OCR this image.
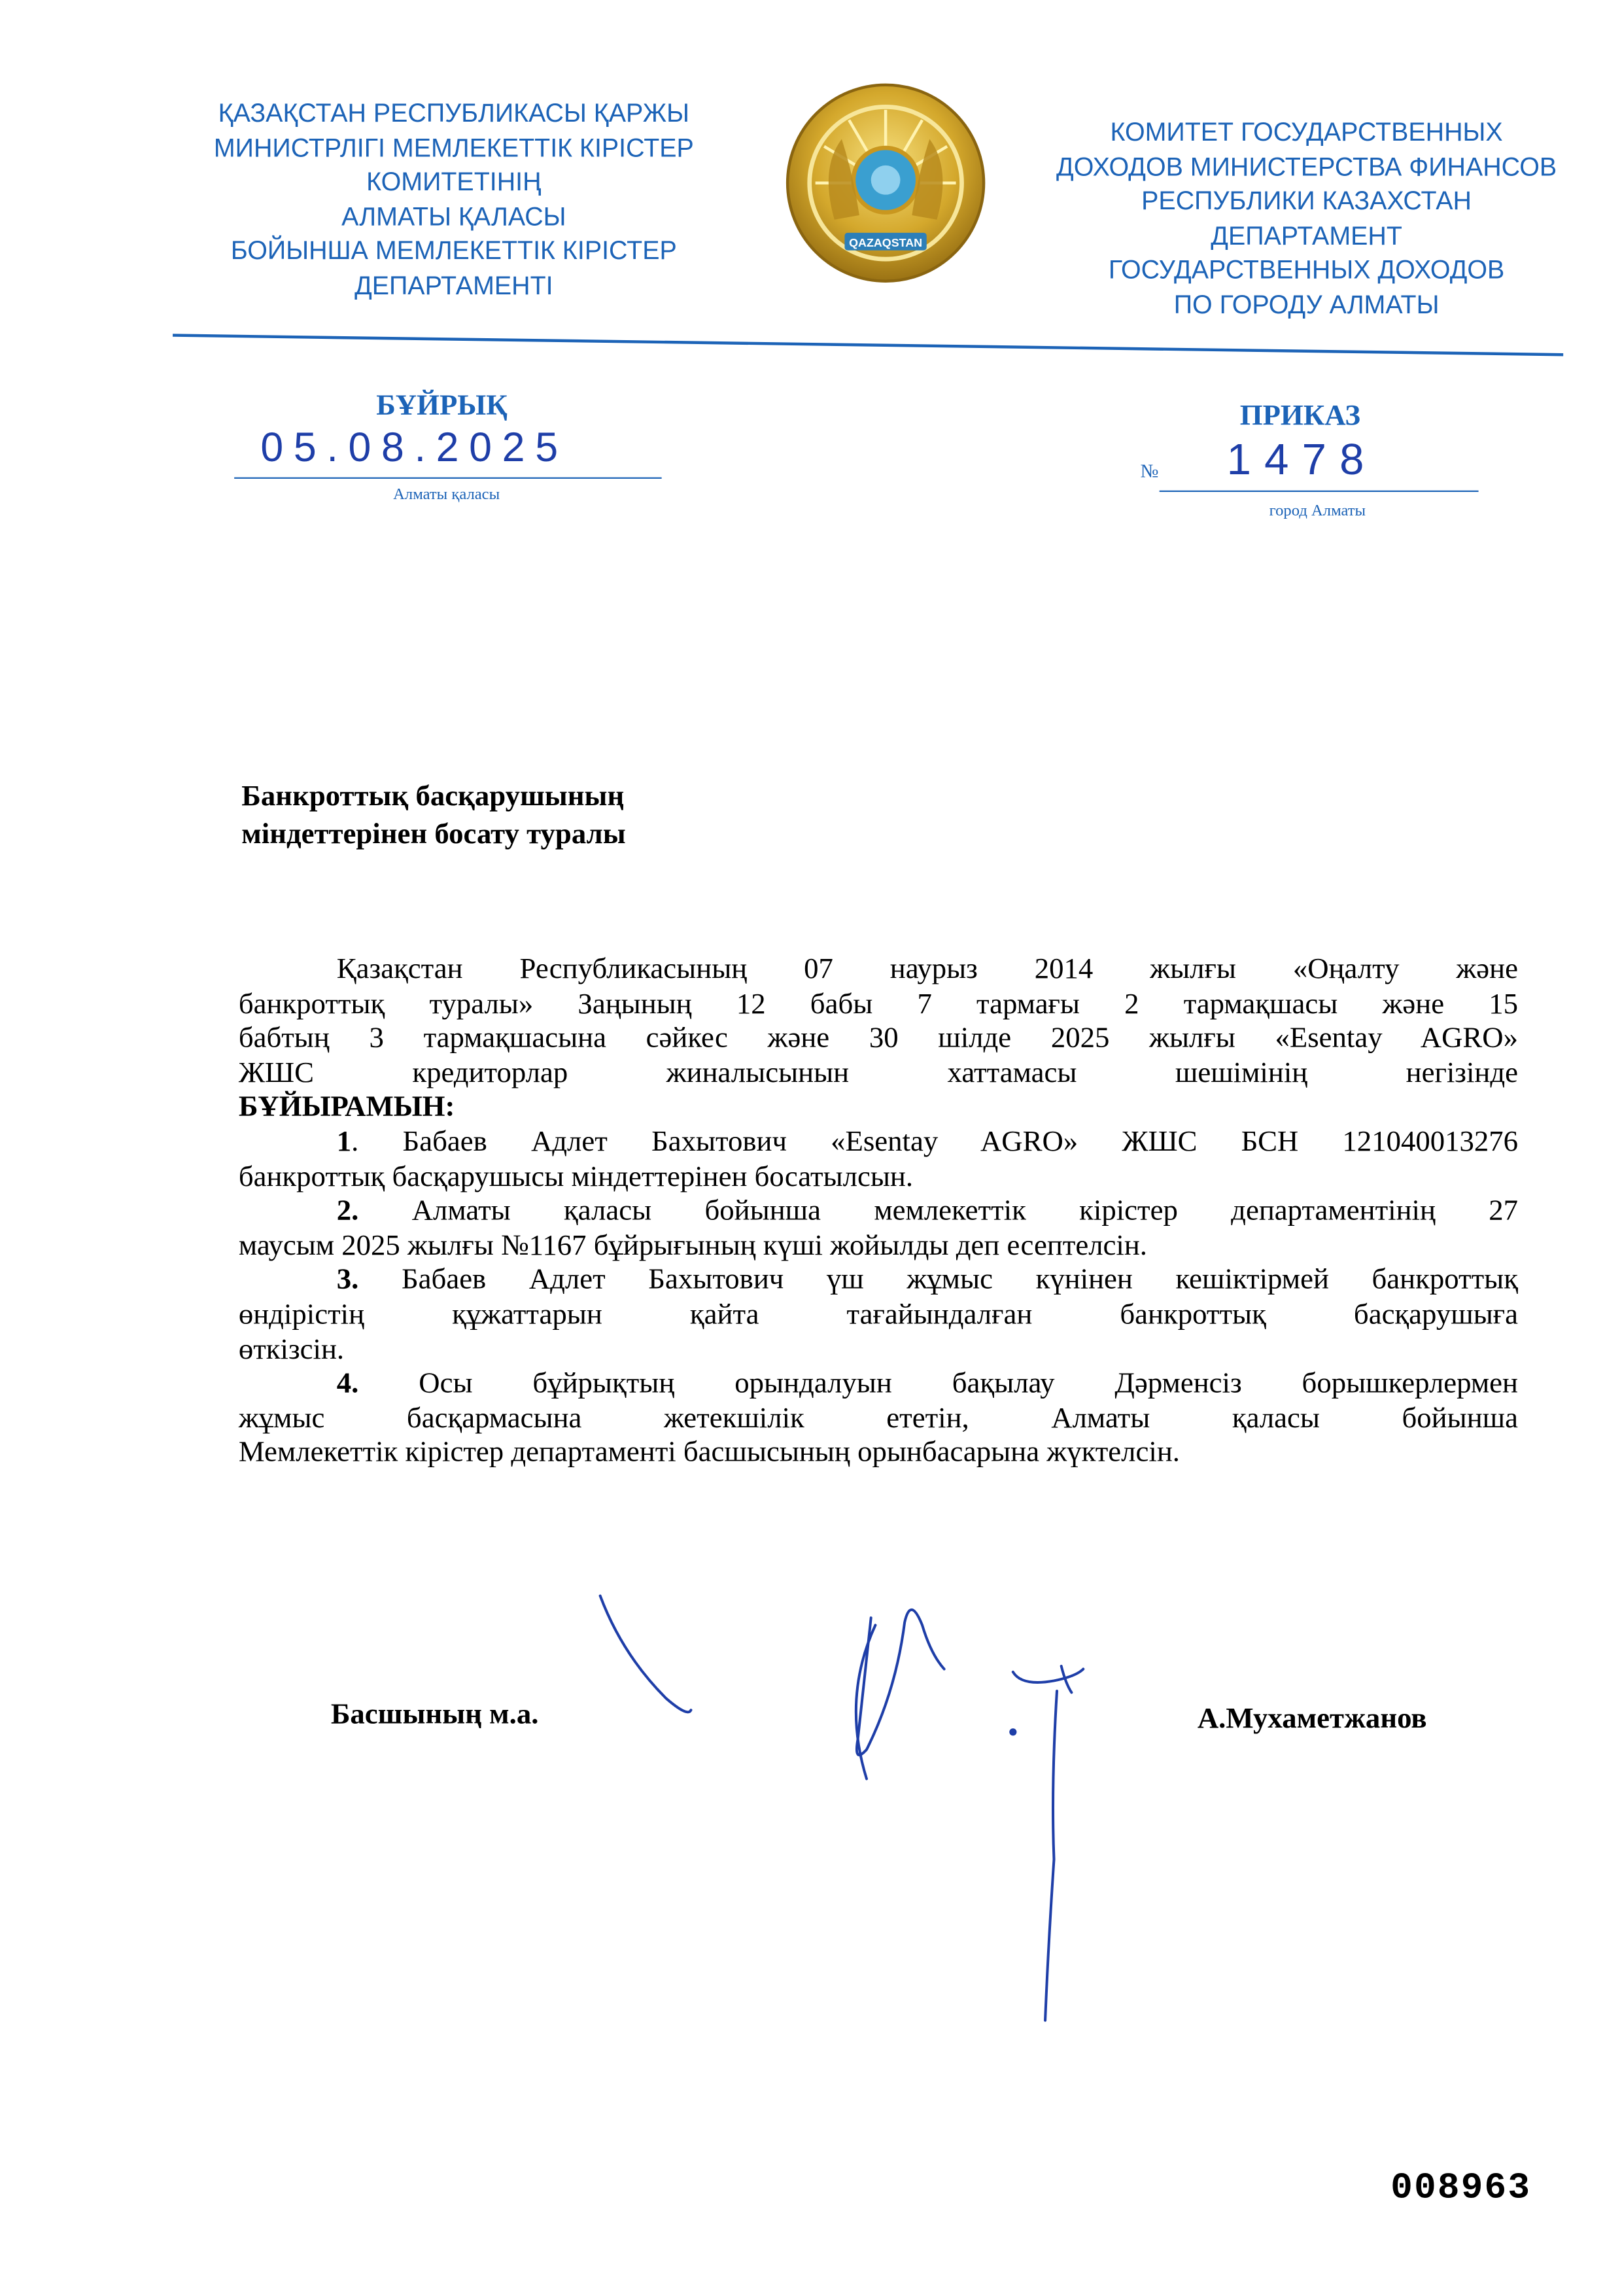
ҚАЗАҚСТАН РЕСПУБЛИКАСЫ ҚАРЖЫ
МИНИСТРЛІГІ МЕМЛЕКЕТТІК КІРІСТЕР
КОМИТЕТІНІҢ
АЛМАТЫ ҚАЛАСЫ
БОЙЫНША МЕМЛЕКЕТТІК КІРІСТЕР
ДЕПАРТАМЕНТІ
QAZAQSTAN
КОМИТЕТ ГОСУДАРСТВЕННЫХ
ДОХОДОВ МИНИСТЕРСТВА ФИНАНСОВ
РЕСПУБЛИКИ КАЗАХСТАН
ДЕПАРТАМЕНТ
ГОСУДАРСТВЕННЫХ ДОХОДОВ
ПО ГОРОДУ АЛМАТЫ
БҰЙРЫҚ
05.08.2025
Алматы қаласы
ПРИКАЗ
№	1478
город Алматы
Банкроттық басқарушының
міндеттерінен босату туралы
Қазақстан Республикасының 07 наурыз 2014 жылғы «Оңалту және
банкроттық туралы» Заңының 12 бабы 7 тармағы 2 тармақшасы және 15
бабтың 3 тармақшасына сәйкес және 30 шілде 2025 жылғы «Esentay AGRO»
ЖШС кредиторлар жиналысынын хаттамасы шешімінің негізінде
БҰЙЫРАМЫН:
1. Бабаев Адлет Бахытович «Esentay AGRO» ЖШС БСН 121040013276
банкроттық басқарушысы міндеттерінен босатылсын.
2. Алматы қаласы бойынша мемлекеттік кірістер департаментінің 27
маусым 2025 жылғы №1167 бұйрығының күші жойылды деп есептелсін.
3. Бабаев Адлет Бахытович үш жұмыс күнінен кешіктірмей банкроттық
өндірістің құжаттарын қайта тағайындалған банкроттық басқарушыға
өткізсін.
4. Осы бұйрықтың орындалуын бақылау Дәрменсіз борышкерлермен
жұмыс басқармасына жетекшілік ететін, Алматы қаласы бойынша
Мемлекеттік кірістер департаменті басшысының орынбасарына жүктелсін.
Басшының м.а.	А.Мухаметжанов
008963
